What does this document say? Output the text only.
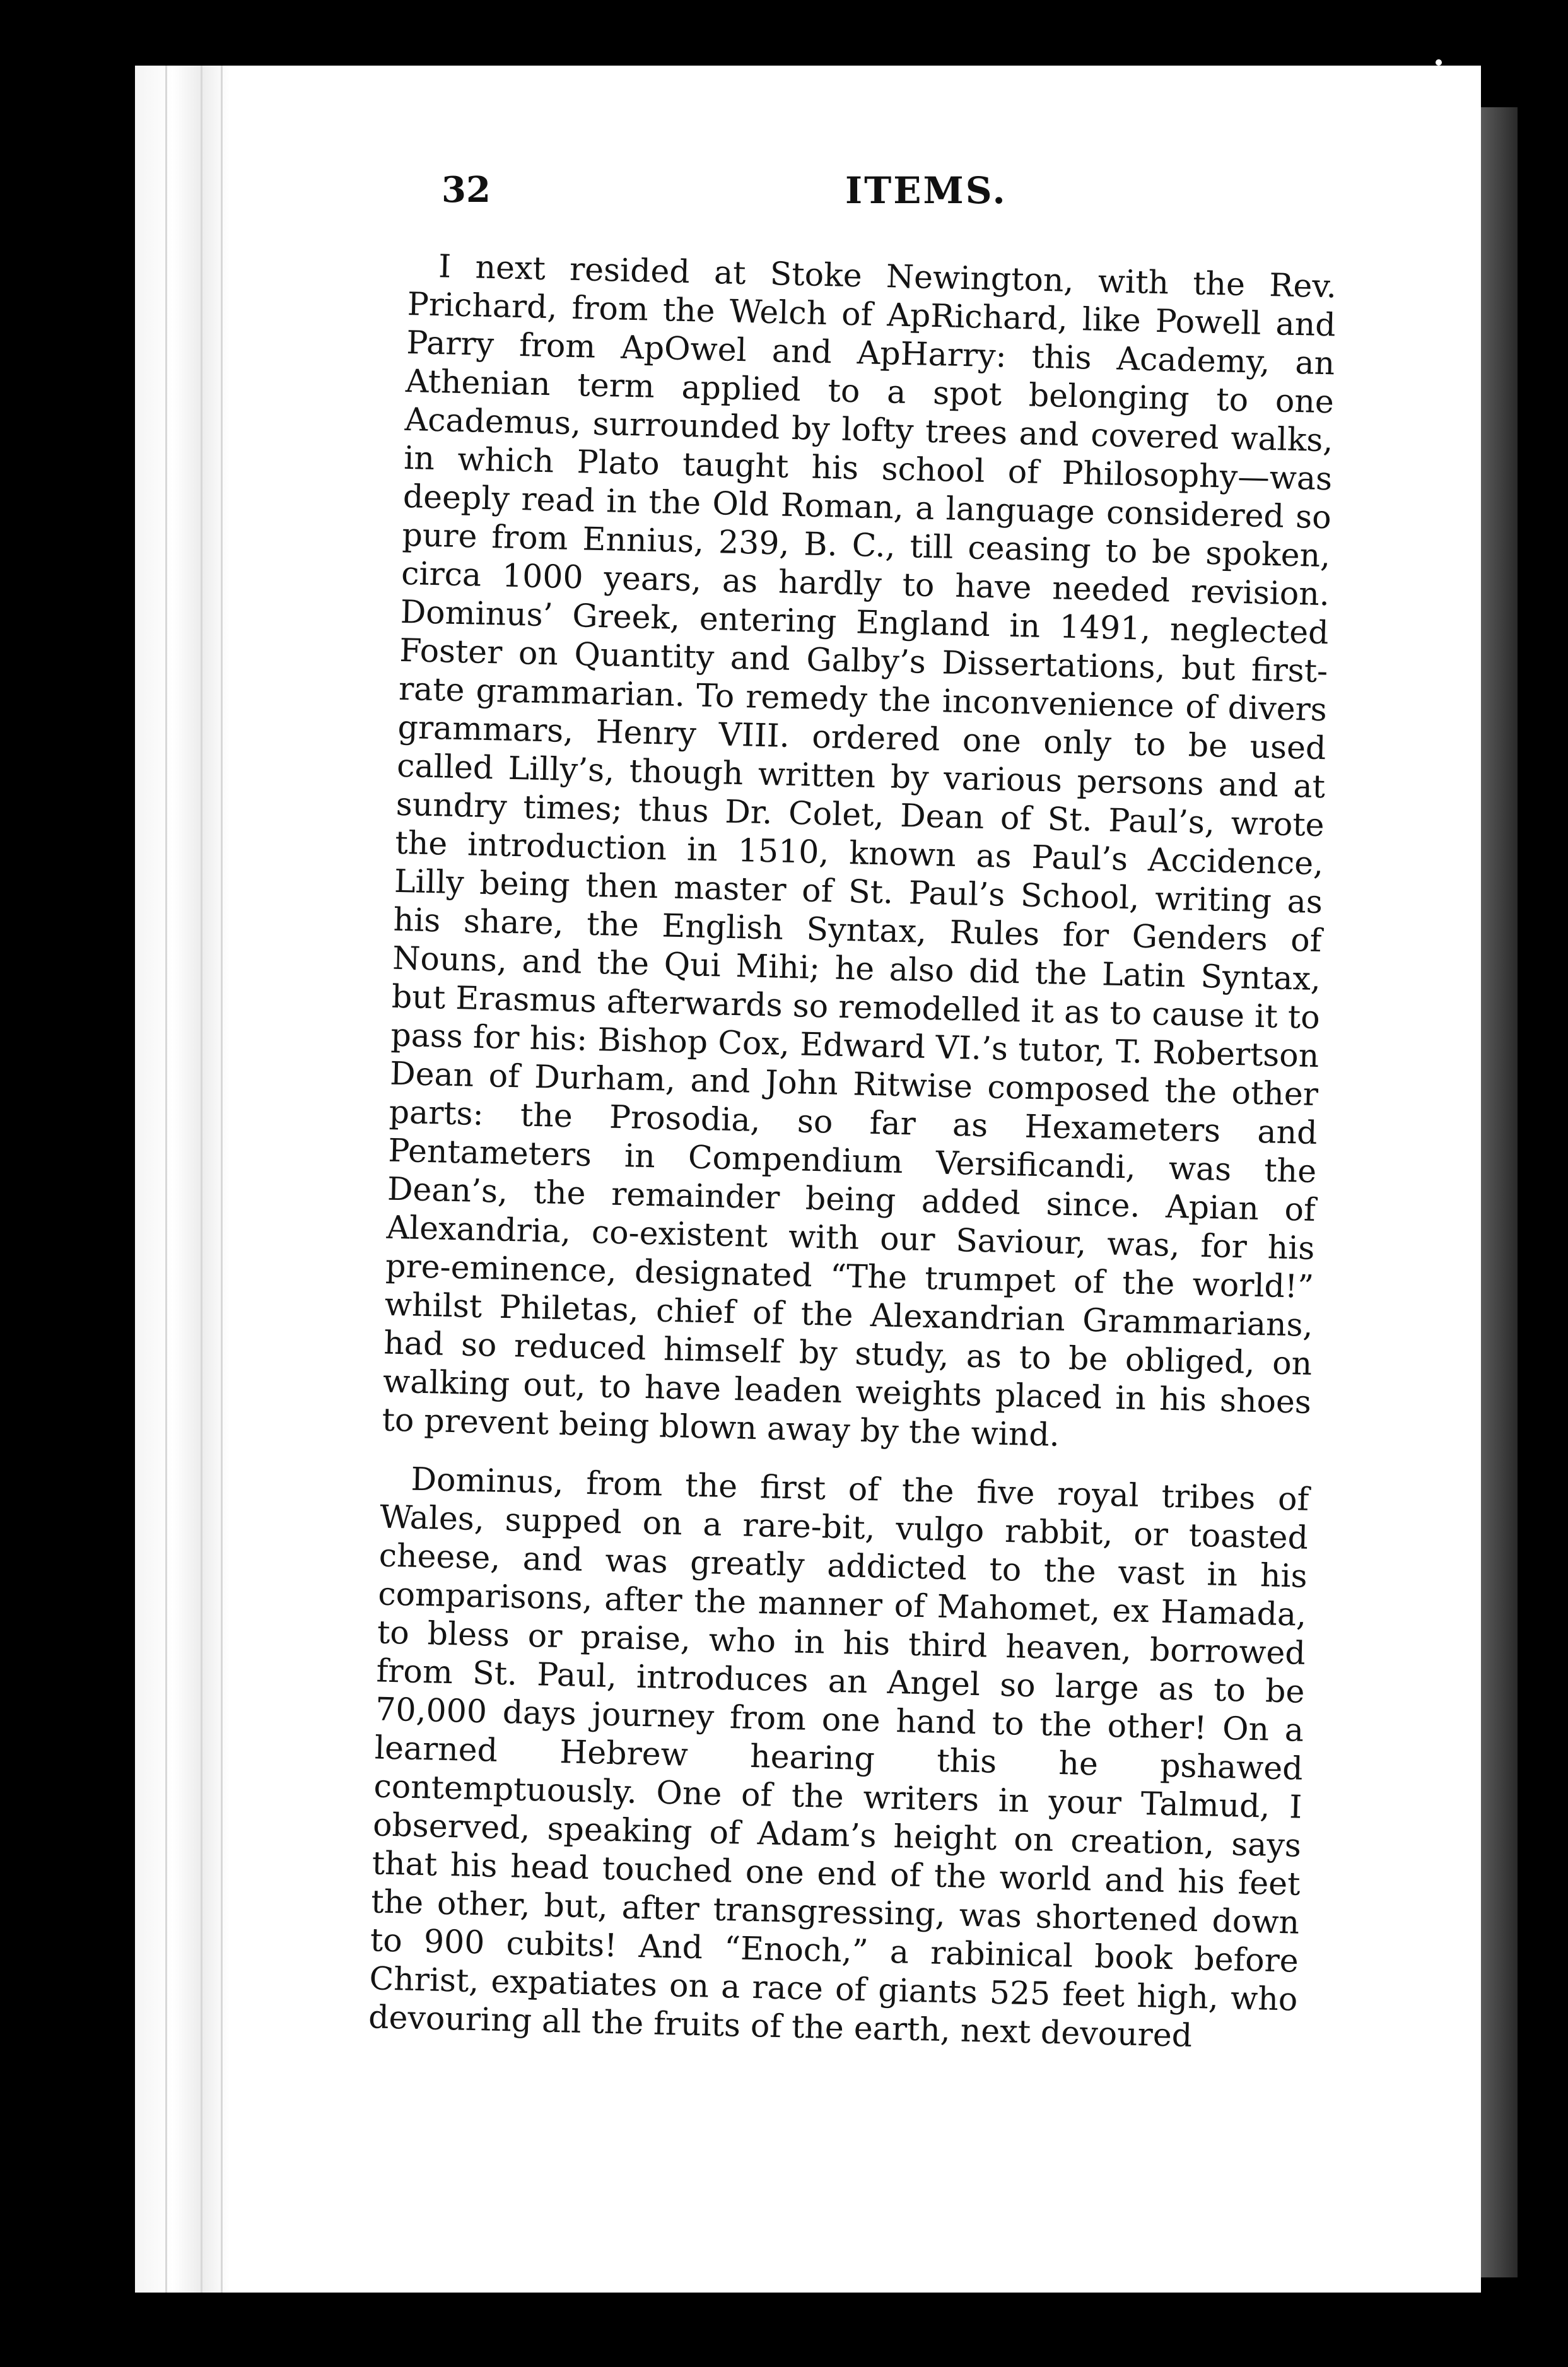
32	ITEMS.

I next resided at Stoke Newington, with the Rev. Prichard, from the Welch of ApRichard, like Powell and Parry from ApOwel and ApHarry: this Academy, an Athenian term applied to a spot belonging to one Academus, surrounded by lofty trees and covered walks, in which Plato taught his school of Philosophy—was deeply read in the Old Roman, a language considered so pure from Ennius, 239, B. C., till ceasing to be spoken, circa 1000 years, as hardly to have needed revision. Dominus’ Greek, entering England in 1491, neglected Foster on Quantity and Galby’s Dissertations, but first-rate grammarian. To remedy the inconvenience of divers grammars, Henry VIII. ordered one only to be used called Lilly’s, though written by various persons and at sundry times; thus Dr. Colet, Dean of St. Paul’s, wrote the introduction in 1510, known as Paul’s Accidence, Lilly being then master of St. Paul’s School, writing as his share, the English Syntax, Rules for Genders of Nouns, and the Qui Mihi; he also did the Latin Syntax, but Erasmus afterwards so remodelled it as to cause it to pass for his: Bishop Cox, Edward VI.’s tutor, T. Robertson Dean of Durham, and John Ritwise composed the other parts: the Prosodia, so far as Hexameters and Pentameters in Compendium Versificandi, was the Dean’s, the remainder being added since. Apian of Alexandria, co-existent with our Saviour, was, for his pre-eminence, designated “The trumpet of the world!” whilst Philetas, chief of the Alexandrian Grammarians, had so reduced himself by study, as to be obliged, on walking out, to have leaden weights placed in his shoes to prevent being blown away by the wind.

Dominus, from the first of the five royal tribes of Wales, supped on a rare-bit, vulgo rabbit, or toasted cheese, and was greatly addicted to the vast in his comparisons, after the manner of Mahomet, ex Hamada, to bless or praise, who in his third heaven, borrowed from St. Paul, introduces an Angel so large as to be 70,000 days journey from one hand to the other! On a learned Hebrew hearing this he pshawed contemptuously. One of the writers in your Talmud, I observed, speaking of Adam’s height on creation, says that his head touched one end of the world and his feet the other, but, after transgressing, was shortened down to 900 cubits! And “Enoch,” a rabinical book before Christ, expatiates on a race of giants 525 feet high, who devouring all the fruits of the earth, next devoured
